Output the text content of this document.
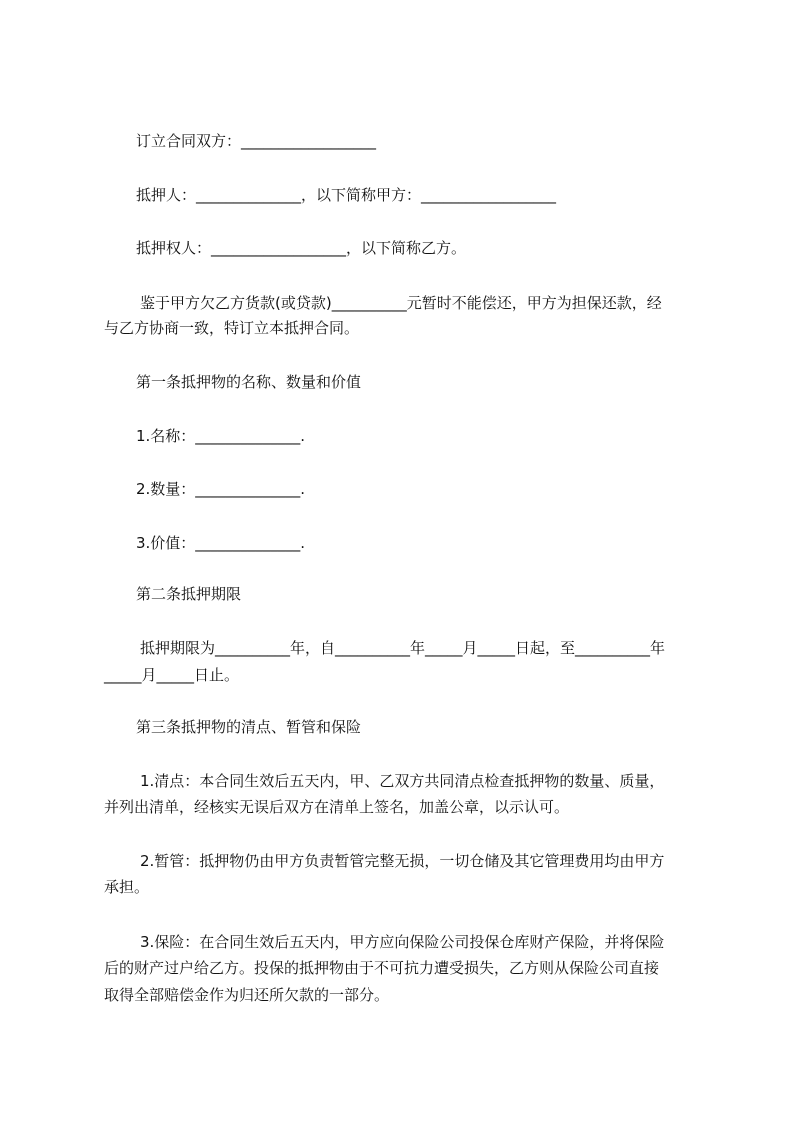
订立合同双方：__________________
抵押人：______________，以下简称甲方：__________________
抵押权人：__________________，以下简称乙方。
鉴于甲方欠乙方货款(或贷款)__________元暂时不能偿还，甲方为担保还款，经
与乙方协商一致，特订立本抵押合同。
第一条抵押物的名称、数量和价值
1.名称：______________.
2.数量：______________.
3.价值：______________.
第二条抵押期限
抵押期限为__________年，自__________年_____月_____日起，至__________年
_____月_____日止。
第三条抵押物的清点、暂管和保险
1.清点：本合同生效后五天内，甲、乙双方共同清点检查抵押物的数量、质量，
并列出清单，经核实无误后双方在清单上签名，加盖公章，以示认可。
2.暂管：抵押物仍由甲方负责暂管完整无损，一切仓储及其它管理费用均由甲方
承担。
3.保险：在合同生效后五天内，甲方应向保险公司投保仓库财产保险，并将保险
后的财产过户给乙方。投保的抵押物由于不可抗力遭受损失，乙方则从保险公司直接
取得全部赔偿金作为归还所欠款的一部分。
